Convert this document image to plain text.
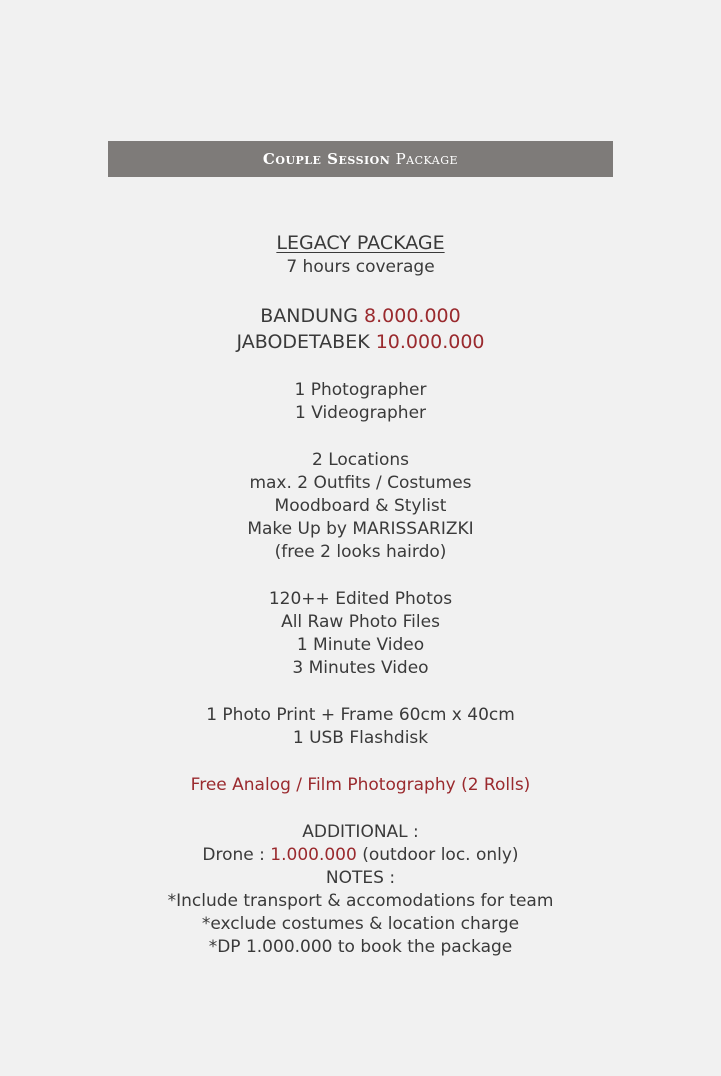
Couple Session Package
LEGACY PACKAGE
7 hours coverage
BANDUNG 8.000.000
JABODETABEK 10.000.000
1 Photographer
1 Videographer
2 Locations
max. 2 Outfits / Costumes
Moodboard & Stylist
Make Up by MARISSARIZKI
(free 2 looks hairdo)
120++ Edited Photos
All Raw Photo Files
1 Minute Video
3 Minutes Video
1 Photo Print + Frame 60cm x 40cm
1 USB Flashdisk
Free Analog / Film Photography (2 Rolls)
ADDITIONAL :
Drone : 1.000.000 (outdoor loc. only)
NOTES :
*Include transport & accomodations for team
*exclude costumes & location charge
*DP 1.000.000 to book the package
